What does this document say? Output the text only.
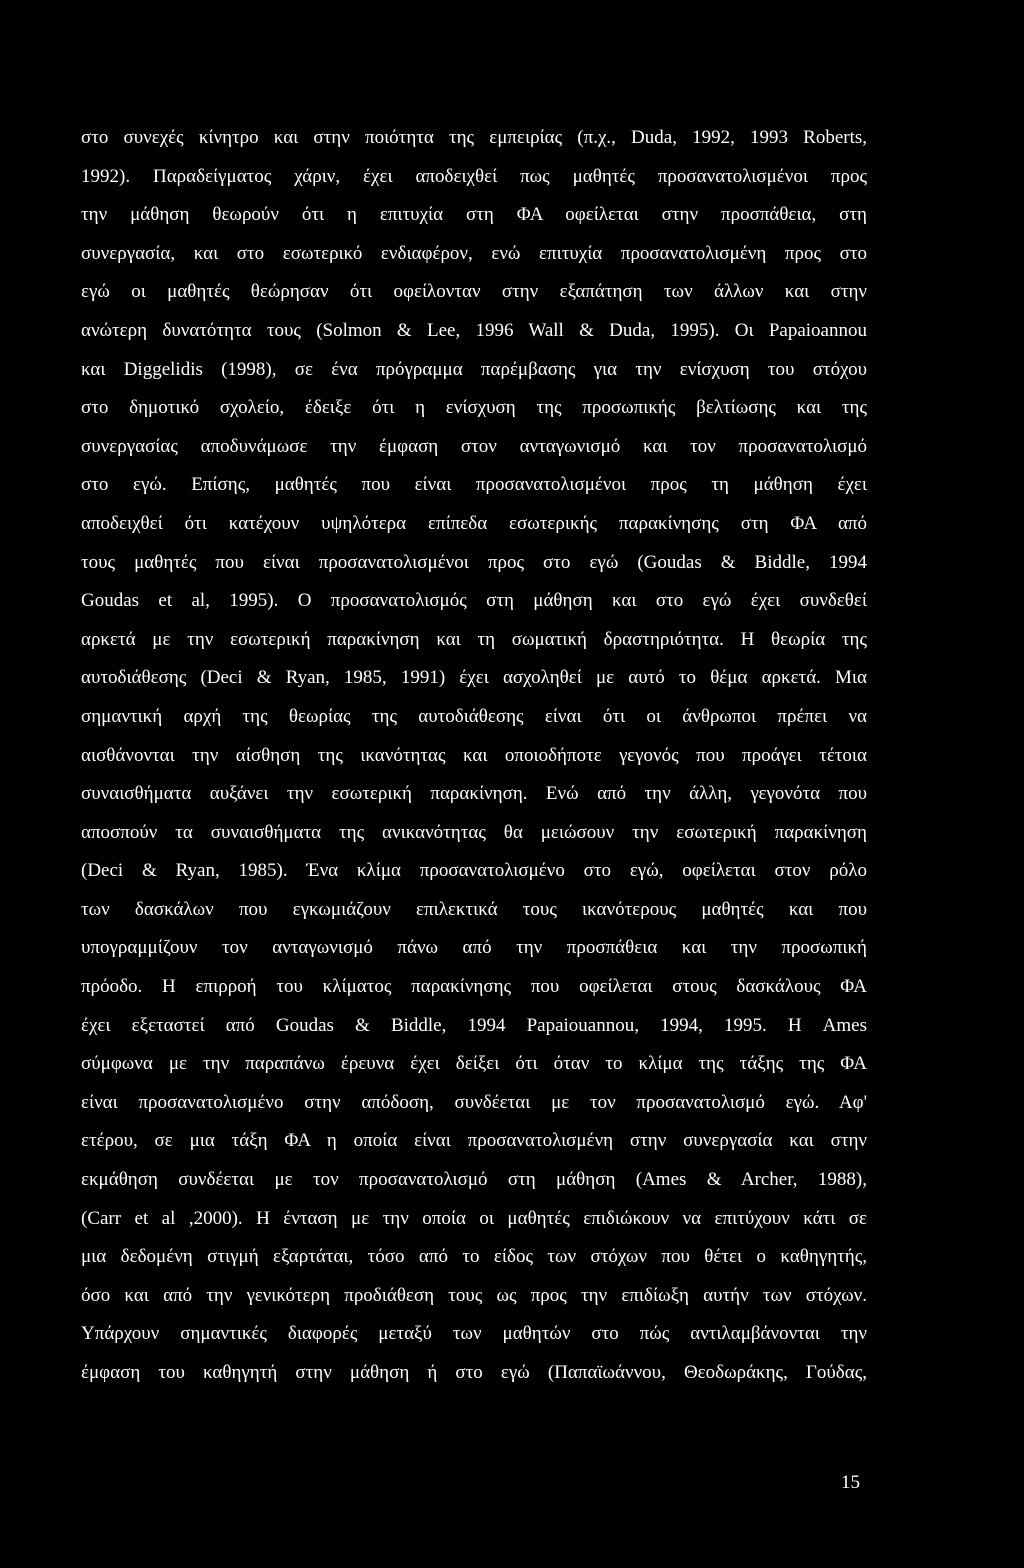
στο συνεχές κίνητρο και στην ποιότητα της εμπειρίας (π.χ., Duda, 1992, 1993 Roberts,
1992). Παραδείγματος χάριν, έχει αποδειχθεί πως μαθητές προσανατολισμένοι προς
την μάθηση θεωρούν ότι η επιτυχία στη ΦΑ οφείλεται στην προσπάθεια, στη
συνεργασία, και στο εσωτερικό ενδιαφέρον, ενώ επιτυχία προσανατολισμένη προς στο
εγώ οι μαθητές θεώρησαν ότι οφείλονταν στην εξαπάτηση των άλλων και στην
ανώτερη δυνατότητα τους (Solmon & Lee, 1996 Wall & Duda, 1995). Οι Papaioannou
και Diggelidis (1998), σε ένα πρόγραμμα παρέμβασης για την ενίσχυση του στόχου
στο δημοτικό σχολείο, έδειξε ότι η ενίσχυση της προσωπικής βελτίωσης και της
συνεργασίας αποδυνάμωσε την έμφαση στον ανταγωνισμό και τον προσανατολισμό
στο εγώ. Επίσης, μαθητές που είναι προσανατολισμένοι προς τη μάθηση έχει
αποδειχθεί ότι κατέχουν υψηλότερα επίπεδα εσωτερικής παρακίνησης στη ΦΑ από
τους μαθητές που είναι προσανατολισμένοι προς στο εγώ (Goudas & Biddle, 1994
Goudas et al, 1995). Ο προσανατολισμός στη μάθηση και στο εγώ έχει συνδεθεί
αρκετά με την εσωτερική παρακίνηση και τη σωματική δραστηριότητα. Η θεωρία της
αυτοδιάθεσης (Deci & Ryan, 1985, 1991) έχει ασχοληθεί με αυτό το θέμα αρκετά. Μια
σημαντική αρχή της θεωρίας της αυτοδιάθεσης είναι ότι οι άνθρωποι πρέπει να
αισθάνονται την αίσθηση της ικανότητας και οποιοδήποτε γεγονός που προάγει τέτοια
συναισθήματα αυξάνει την εσωτερική παρακίνηση. Ενώ από την άλλη, γεγονότα που
αποσπούν τα συναισθήματα της ανικανότητας θα μειώσουν την εσωτερική παρακίνηση
(Deci & Ryan, 1985). Ένα κλίμα προσανατολισμένο στο εγώ, οφείλεται στον ρόλο
των δασκάλων που εγκωμιάζουν επιλεκτικά τους ικανότερους μαθητές και που
υπογραμμίζουν τον ανταγωνισμό πάνω από την προσπάθεια και την προσωπική
πρόοδο. Η επιρροή του κλίματος παρακίνησης που οφείλεται στους δασκάλους ΦΑ
έχει εξεταστεί από Goudas & Biddle, 1994 Papaiouannou, 1994, 1995. Η Ames
σύμφωνα με την παραπάνω έρευνα έχει δείξει ότι όταν το κλίμα της τάξης της ΦΑ
είναι προσανατολισμένο στην απόδοση, συνδέεται με τον προσανατολισμό εγώ. Αφ'
ετέρου, σε μια τάξη ΦΑ η οποία είναι προσανατολισμένη στην συνεργασία και στην
εκμάθηση συνδέεται με τον προσανατολισμό στη μάθηση (Ames & Archer, 1988),
(Carr et al ,2000). Η ένταση με την οποία οι μαθητές επιδιώκουν να επιτύχουν κάτι σε
μια δεδομένη στιγμή εξαρτάται, τόσο από το είδος των στόχων που θέτει ο καθηγητής,
όσο και από την γενικότερη προδιάθεση τους ως προς την επιδίωξη αυτήν των στόχων.
Υπάρχουν σημαντικές διαφορές μεταξύ των μαθητών στο πώς αντιλαμβάνονται την
έμφαση του καθηγητή στην μάθηση ή στο εγώ (Παπαϊωάννου, Θεοδωράκης, Γούδας,
15
